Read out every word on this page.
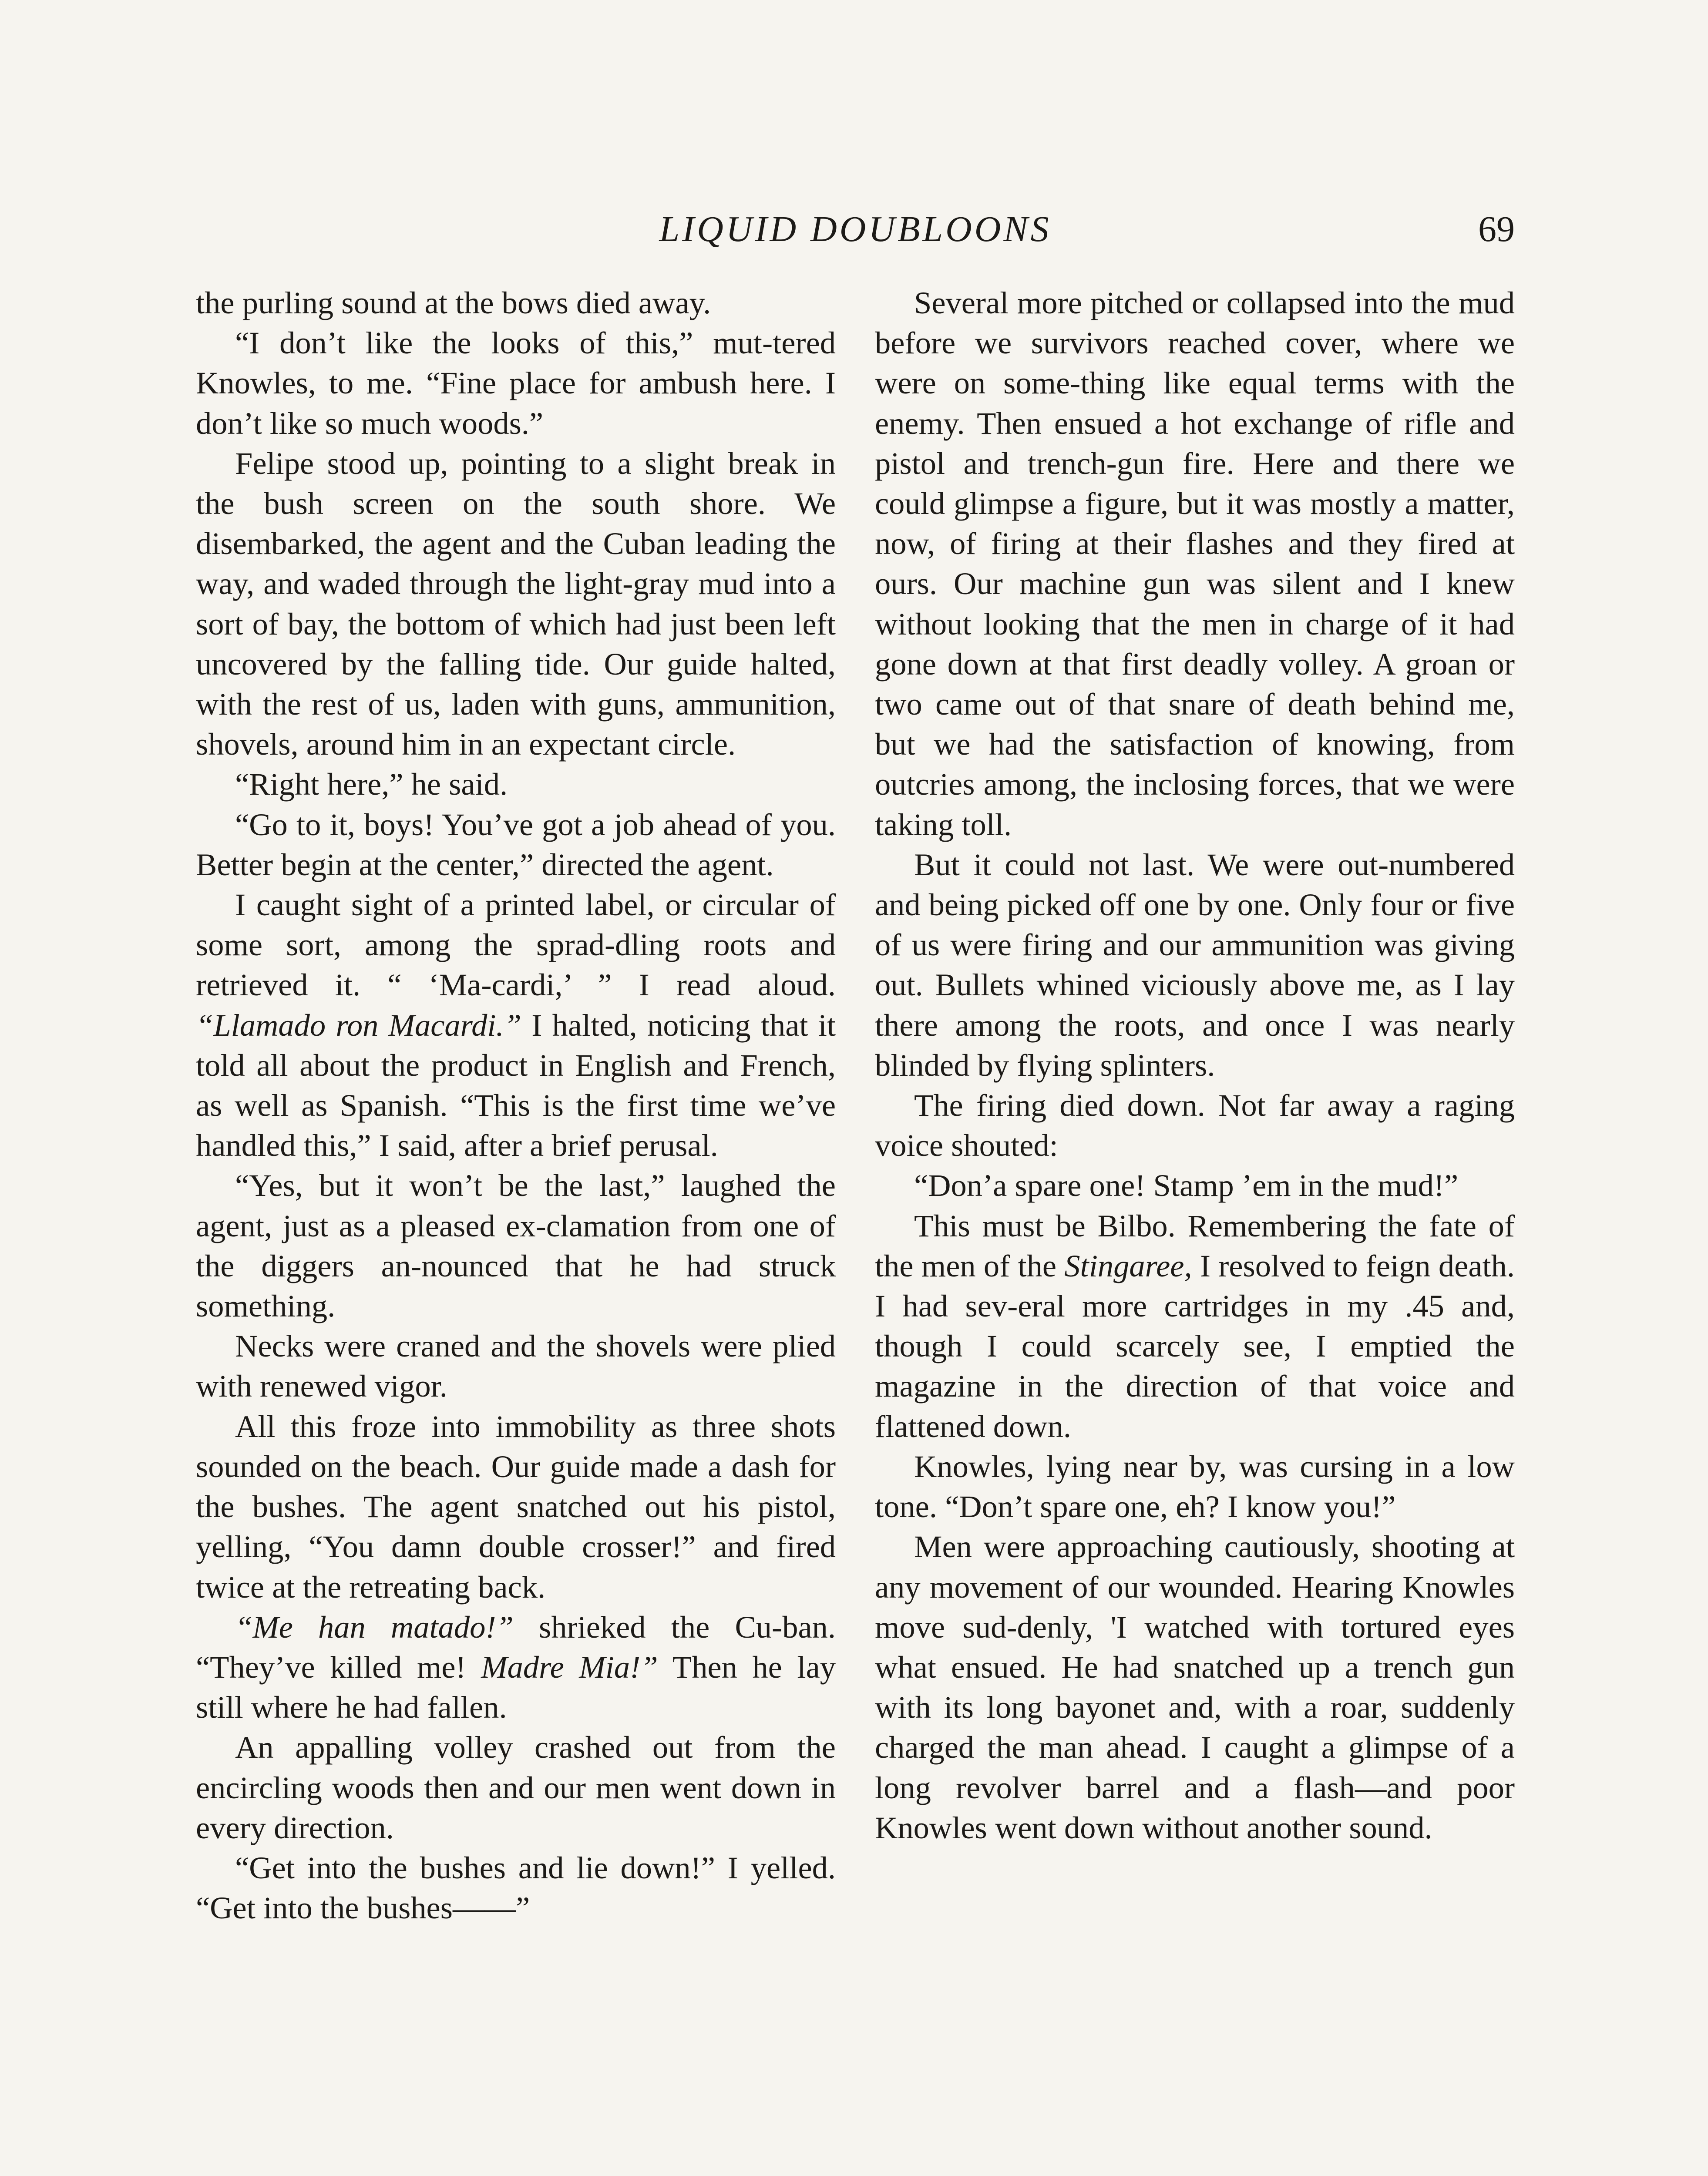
LIQUID DOUBLOONS	69

the purling sound at the bows died away.

“I don’t like the looks of this,” mut-tered Knowles, to me. “Fine place for ambush here. I don’t like so much woods.”

Felipe stood up, pointing to a slight break in the bush screen on the south shore. We disembarked, the agent and the Cuban leading the way, and waded through the light-gray mud into a sort of bay, the bottom of which had just been left uncovered by the falling tide. Our guide halted, with the rest of us, laden with guns, ammunition, shovels, around him in an expectant circle.

“Right here,” he said.

“Go to it, boys! You’ve got a job ahead of you. Better begin at the center,” directed the agent.

I caught sight of a printed label, or circular of some sort, among the sprad-dling roots and retrieved it. “ ‘Ma-cardi,’ ” I read aloud. “Llamado ron Macardi.” I halted, noticing that it told all about the product in English and French, as well as Spanish. “This is the first time we’ve handled this,” I said, after a brief perusal.

“Yes, but it won’t be the last,” laughed the agent, just as a pleased ex-clamation from one of the diggers an-nounced that he had struck something.

Necks were craned and the shovels were plied with renewed vigor.

All this froze into immobility as three shots sounded on the beach. Our guide made a dash for the bushes. The agent snatched out his pistol, yelling, “You damn double crosser!” and fired twice at the retreating back.

“Me han matado!” shrieked the Cu-ban. “They’ve killed me! Madre Mia!” Then he lay still where he had fallen.

An appalling volley crashed out from the encircling woods then and our men went down in every direction.

“Get into the bushes and lie down!” I yelled. “Get into the bushes——”

Several more pitched or collapsed into the mud before we survivors reached cover, where we were on some-thing like equal terms with the enemy. Then ensued a hot exchange of rifle and pistol and trench-gun fire. Here and there we could glimpse a figure, but it was mostly a matter, now, of firing at their flashes and they fired at ours. Our machine gun was silent and I knew without looking that the men in charge of it had gone down at that first deadly volley. A groan or two came out of that snare of death behind me, but we had the satisfaction of knowing, from outcries among, the inclosing forces, that we were taking toll.

But it could not last. We were out-numbered and being picked off one by one. Only four or five of us were firing and our ammunition was giving out. Bullets whined viciously above me, as I lay there among the roots, and once I was nearly blinded by flying splinters.

The firing died down. Not far away a raging voice shouted:

“Don’a spare one! Stamp ’em in the mud!”

This must be Bilbo. Remembering the fate of the men of the Stingaree, I resolved to feign death. I had sev-eral more cartridges in my .45 and, though I could scarcely see, I emptied the magazine in the direction of that voice and flattened down.

Knowles, lying near by, was cursing in a low tone. “Don’t spare one, eh? I know you!”

Men were approaching cautiously, shooting at any movement of our wounded. Hearing Knowles move sud-denly, 'I watched with tortured eyes what ensued. He had snatched up a trench gun with its long bayonet and, with a roar, suddenly charged the man ahead. I caught a glimpse of a long revolver barrel and a flash—and poor Knowles went down without another sound.
